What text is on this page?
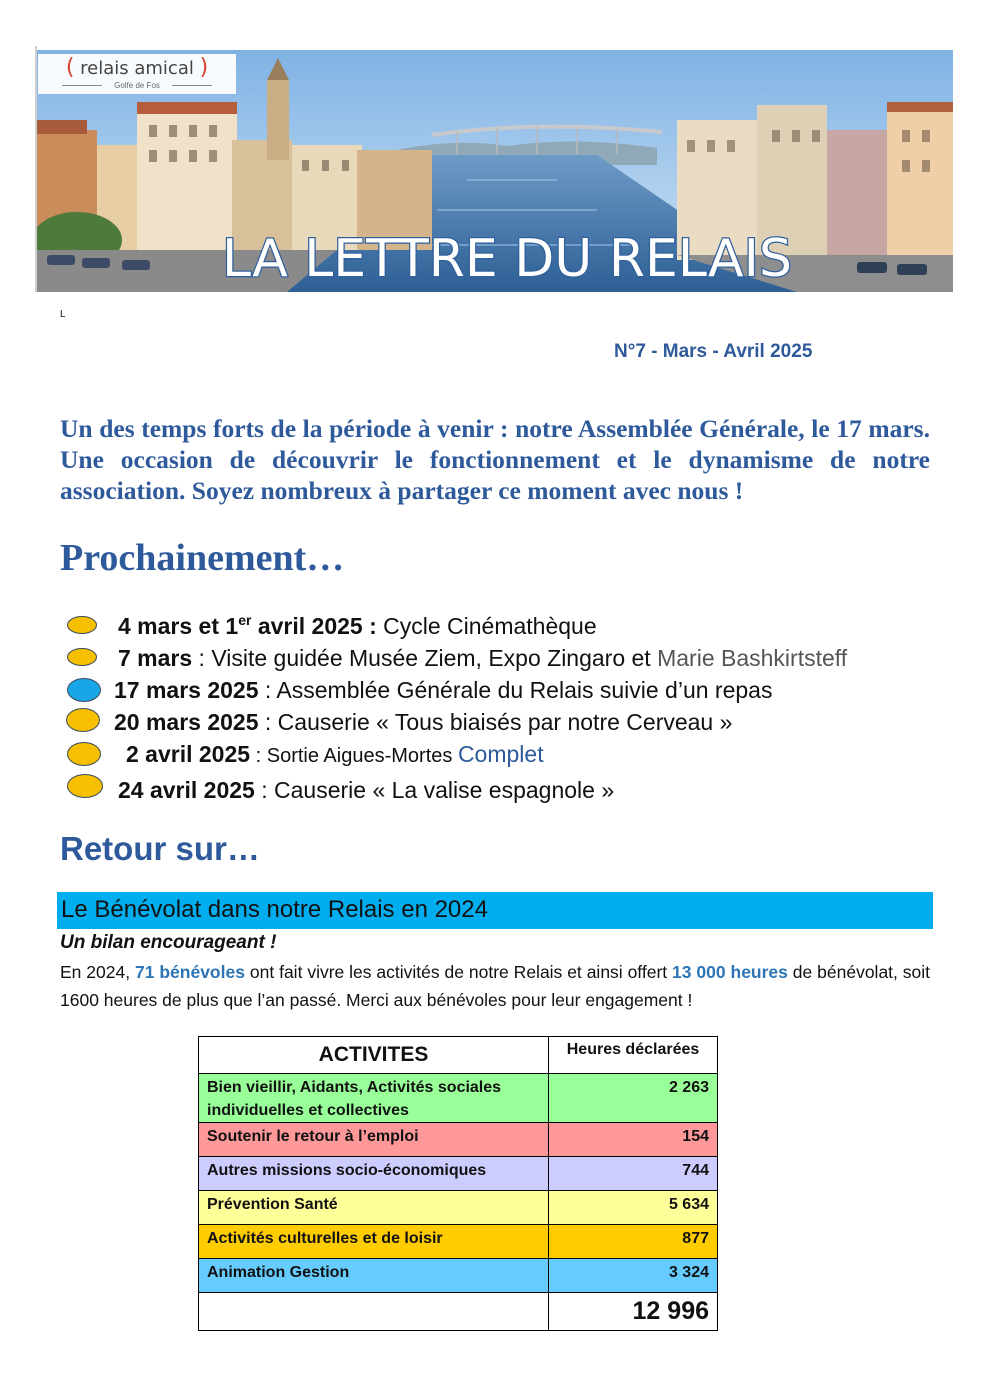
LA LETTRE DU RELAIS
( relais amical )
Golfe de Fos
L
N°7 - Mars - Avril 2025
Un des temps forts de la période à venir : notre Assemblée Générale, le 17 mars. Une occasion de découvrir le fonctionnement et le dynamisme de notre association. Soyez nombreux à partager ce moment avec nous !
Prochainement…
4 mars et 1er avril 2025 : Cycle Cinémathèque
7 mars : Visite guidée Musée Ziem, Expo Zingaro et Marie Bashkirtsteff
17 mars 2025 : Assemblée Générale du Relais suivie d’un repas
20 mars 2025 : Causerie « Tous biaisés par notre Cerveau »
2 avril 2025 : Sortie Aigues-Mortes Complet
24 avril 2025 : Causerie « La valise espagnole »
Retour sur…
Le Bénévolat dans notre Relais en 2024
Un bilan encourageant !
En 2024, 71 bénévoles ont fait vivre les activités de notre Relais et ainsi offert 13 000 heures de bénévolat, soit 1600 heures de plus que l’an passé. Merci aux bénévoles pour leur engagement !
ACTIVITES	Heures déclarées
Bien vieillir, Aidants, Activités sociales individuelles et collectives	2 263
Soutenir le retour à l’emploi	154
Autres missions socio-économiques	744
Prévention Santé	5 634
Activités culturelles et de loisir	877
Animation Gestion	3 324
	12 996
